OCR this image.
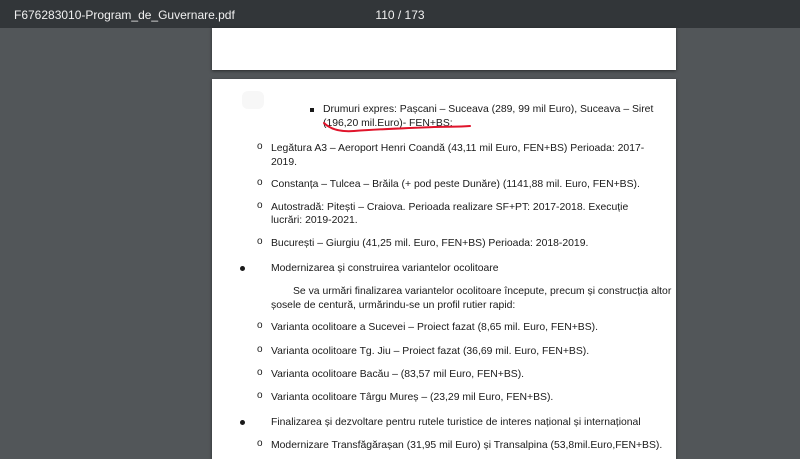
F676283010-Program_de_Guvernare.pdf	110 / 173
Drumuri expres: Pașcani – Suceava (289, 99 mil Euro), Suceava – Siret
(196,20 mil.Euro)- FEN+BS;
o Legătura A3 – Aeroport Henri Coandă (43,11 mil Euro, FEN+BS) Perioada: 2017-
2019.
o Constanța – Tulcea – Brăila (+ pod peste Dunăre) (1141,88 mil. Euro, FEN+BS).
o Autostradă: Pitești – Craiova. Perioada realizare SF+PT: 2017-2018. Execuție
lucrări: 2019-2021.
o București – Giurgiu (41,25 mil. Euro, FEN+BS) Perioada: 2018-2019.
Modernizarea și construirea variantelor ocolitoare
Se va urmări finalizarea variantelor ocolitoare începute, precum și construcția altor
șosele de centură, urmărindu-se un profil rutier rapid:
o Varianta ocolitoare a Sucevei – Proiect fazat (8,65 mil. Euro, FEN+BS).
o Varianta ocolitoare Tg. Jiu – Proiect fazat (36,69 mil. Euro, FEN+BS).
o Varianta ocolitoare Bacău – (83,57 mil Euro, FEN+BS).
o Varianta ocolitoare Târgu Mureș – (23,29 mil Euro, FEN+BS).
Finalizarea și dezvoltare pentru rutele turistice de interes național și internațional
o Modernizare Transfăgărașan (31,95 mil Euro) și Transalpina (53,8mil.Euro,FEN+BS).
